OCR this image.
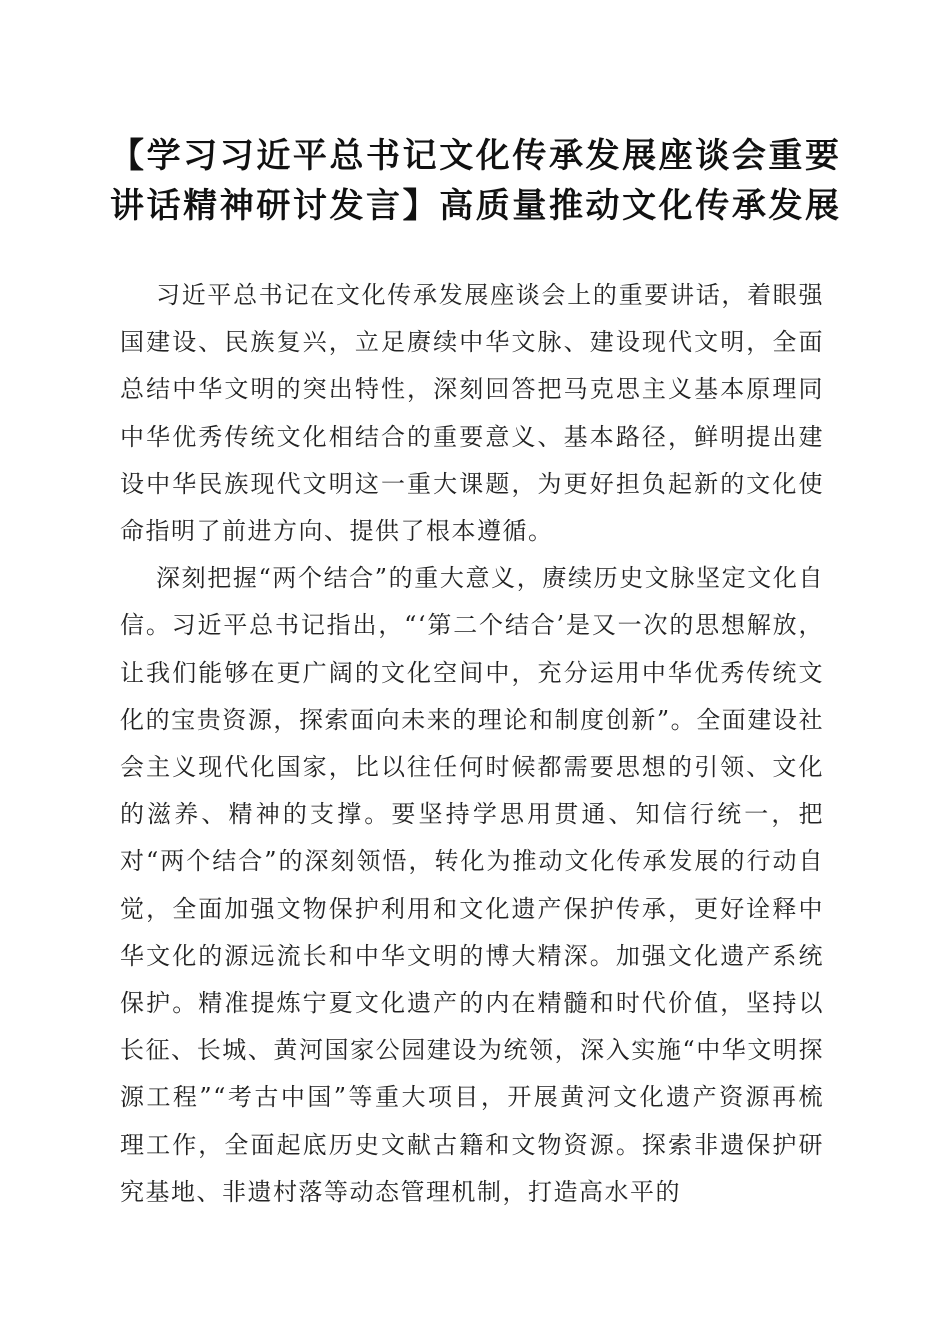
【学习习近平总书记文化传承发展座谈会重要
讲话精神研讨发言】高质量推动文化传承发展

习近平总书记在文化传承发展座谈会上的重要讲话，着眼强国建设、民族复兴，立足赓续中华文脉、建设现代文明，全面总结中华文明的突出特性，深刻回答把马克思主义基本原理同中华优秀传统文化相结合的重要意义、基本路径，鲜明提出建设中华民族现代文明这一重大课题，为更好担负起新的文化使命指明了前进方向、提供了根本遵循。

深刻把握“两个结合”的重大意义，赓续历史文脉坚定文化自信。习近平总书记指出，“‘第二个结合’是又一次的思想解放，让我们能够在更广阔的文化空间中，充分运用中华优秀传统文化的宝贵资源，探索面向未来的理论和制度创新”。全面建设社会主义现代化国家，比以往任何时候都需要思想的引领、文化的滋养、精神的支撑。要坚持学思用贯通、知信行统一，把对“两个结合”的深刻领悟，转化为推动文化传承发展的行动自觉，全面加强文物保护利用和文化遗产保护传承，更好诠释中华文化的源远流长和中华文明的博大精深。加强文化遗产系统保护。精准提炼宁夏文化遗产的内在精髓和时代价值，坚持以长征、长城、黄河国家公园建设为统领，深入实施“中华文明探源工程”“考古中国”等重大项目，开展黄河文化遗产资源再梳理工作，全面起底历史文献古籍和文物资源。探索非遗保护研究基地、非遗村落等动态管理机制，打造高水平的
